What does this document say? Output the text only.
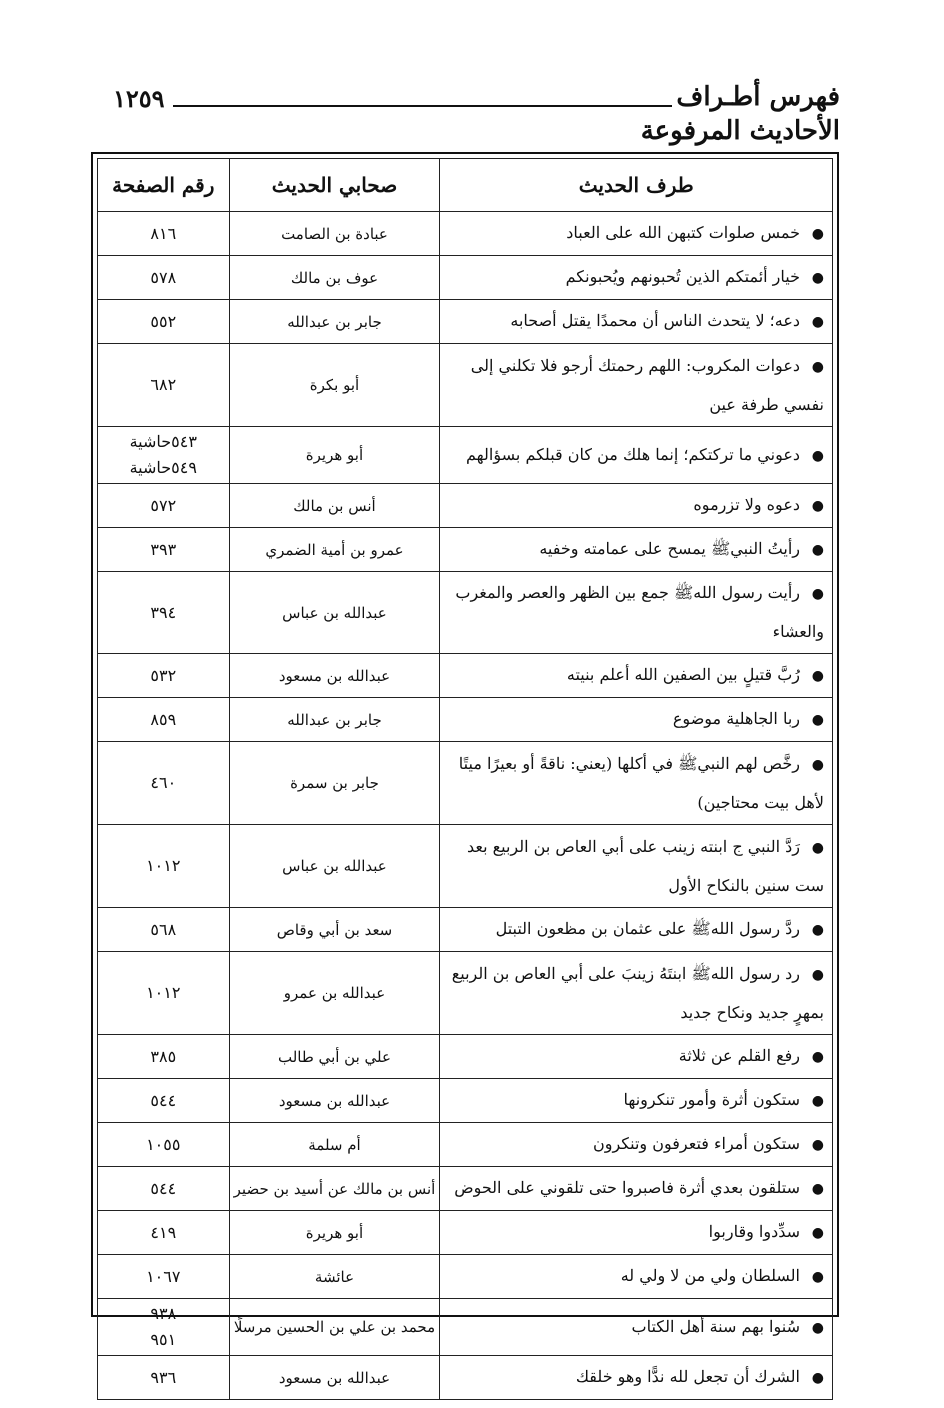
فهرس أطـراف
١٢٥٩
الأحاديث المرفوعة
طرف الحديث	صحابي الحديث	رقم الصفحة
●خمس صلوات كتبهن الله على العباد	عبادة بن الصامت	٨١٦

●خيار أئمتكم الذين تُحبونهم ويُحبونكم	عوف بن مالك	٥٧٨

●دعه؛ لا يتحدث الناس أن محمدًا يقتل أصحابه	جابر بن عبدالله	٥٥٢

●دعوات المكروب: اللهم رحمتك أرجو فلا تكلني إلى نفسي طرفة عين	أبو بكرة	٦٨٢

●دعوني ما تركتكم؛ إنما هلك من كان قبلكم بسؤالهم	أبو هريرة	٥٤٣حاشية
٥٤٩حاشية

●دعوه ولا تزرموه	أنس بن مالك	٥٧٢

●رأيتُ النبيﷺ يمسح على عمامته وخفيه	عمرو بن أمية الضمري	٣٩٣

●رأيت رسول اللهﷺ جمع بين الظهر والعصر والمغرب والعشاء	عبدالله بن عباس	٣٩٤

●رُبَّ قتيلٍ بين الصفين الله أعلم بنيته	عبدالله بن مسعود	٥٣٢

●ربا الجاهلية موضوع	جابر بن عبدالله	٨٥٩

●رخَّص لهم النبيﷺ في أكلها (يعني: ناقةً أو بعيرًا ميتًا لأهل بيت محتاجين)	جابر بن سمرة	٤٦٠

●رَدَّ النبي ج ابنته زينب على أبي العاص بن الربيع بعد ست سنين بالنكاح الأول	عبدالله بن عباس	١٠١٢

●ردَّ رسول اللهﷺ على عثمان بن مظعون التبتل	سعد بن أبي وقاص	٥٦٨

●رد رسول اللهﷺ ابنتَهُ زينبَ على أبي العاص بن الربيع بمهرٍ جديد ونكاح جديد	عبدالله بن عمرو	١٠١٢

●رفع القلم عن ثلاثة	علي بن أبي طالب	٣٨٥

●ستكون أثرة وأمور تنكرونها	عبدالله بن مسعود	٥٤٤

●ستكون أمراء فتعرفون وتنكرون	أم سلمة	١٠٥٥

●ستلقون بعدي أثرة فاصبروا حتى تلقوني على الحوض	أنس بن مالك عن أسيد بن حضير	٥٤٤

●سدِّدوا وقاربوا	أبو هريرة	٤١٩

●السلطان ولي من لا ولي له	عائشة	١٠٦٧

●سُنوا بهم سنة أهل الكتاب	محمد بن علي بن الحسين مرسلًا	٩٣٨
٩٥١

●الشرك أن تجعل لله ندًّا وهو خلقك	عبدالله بن مسعود	٩٣٦
